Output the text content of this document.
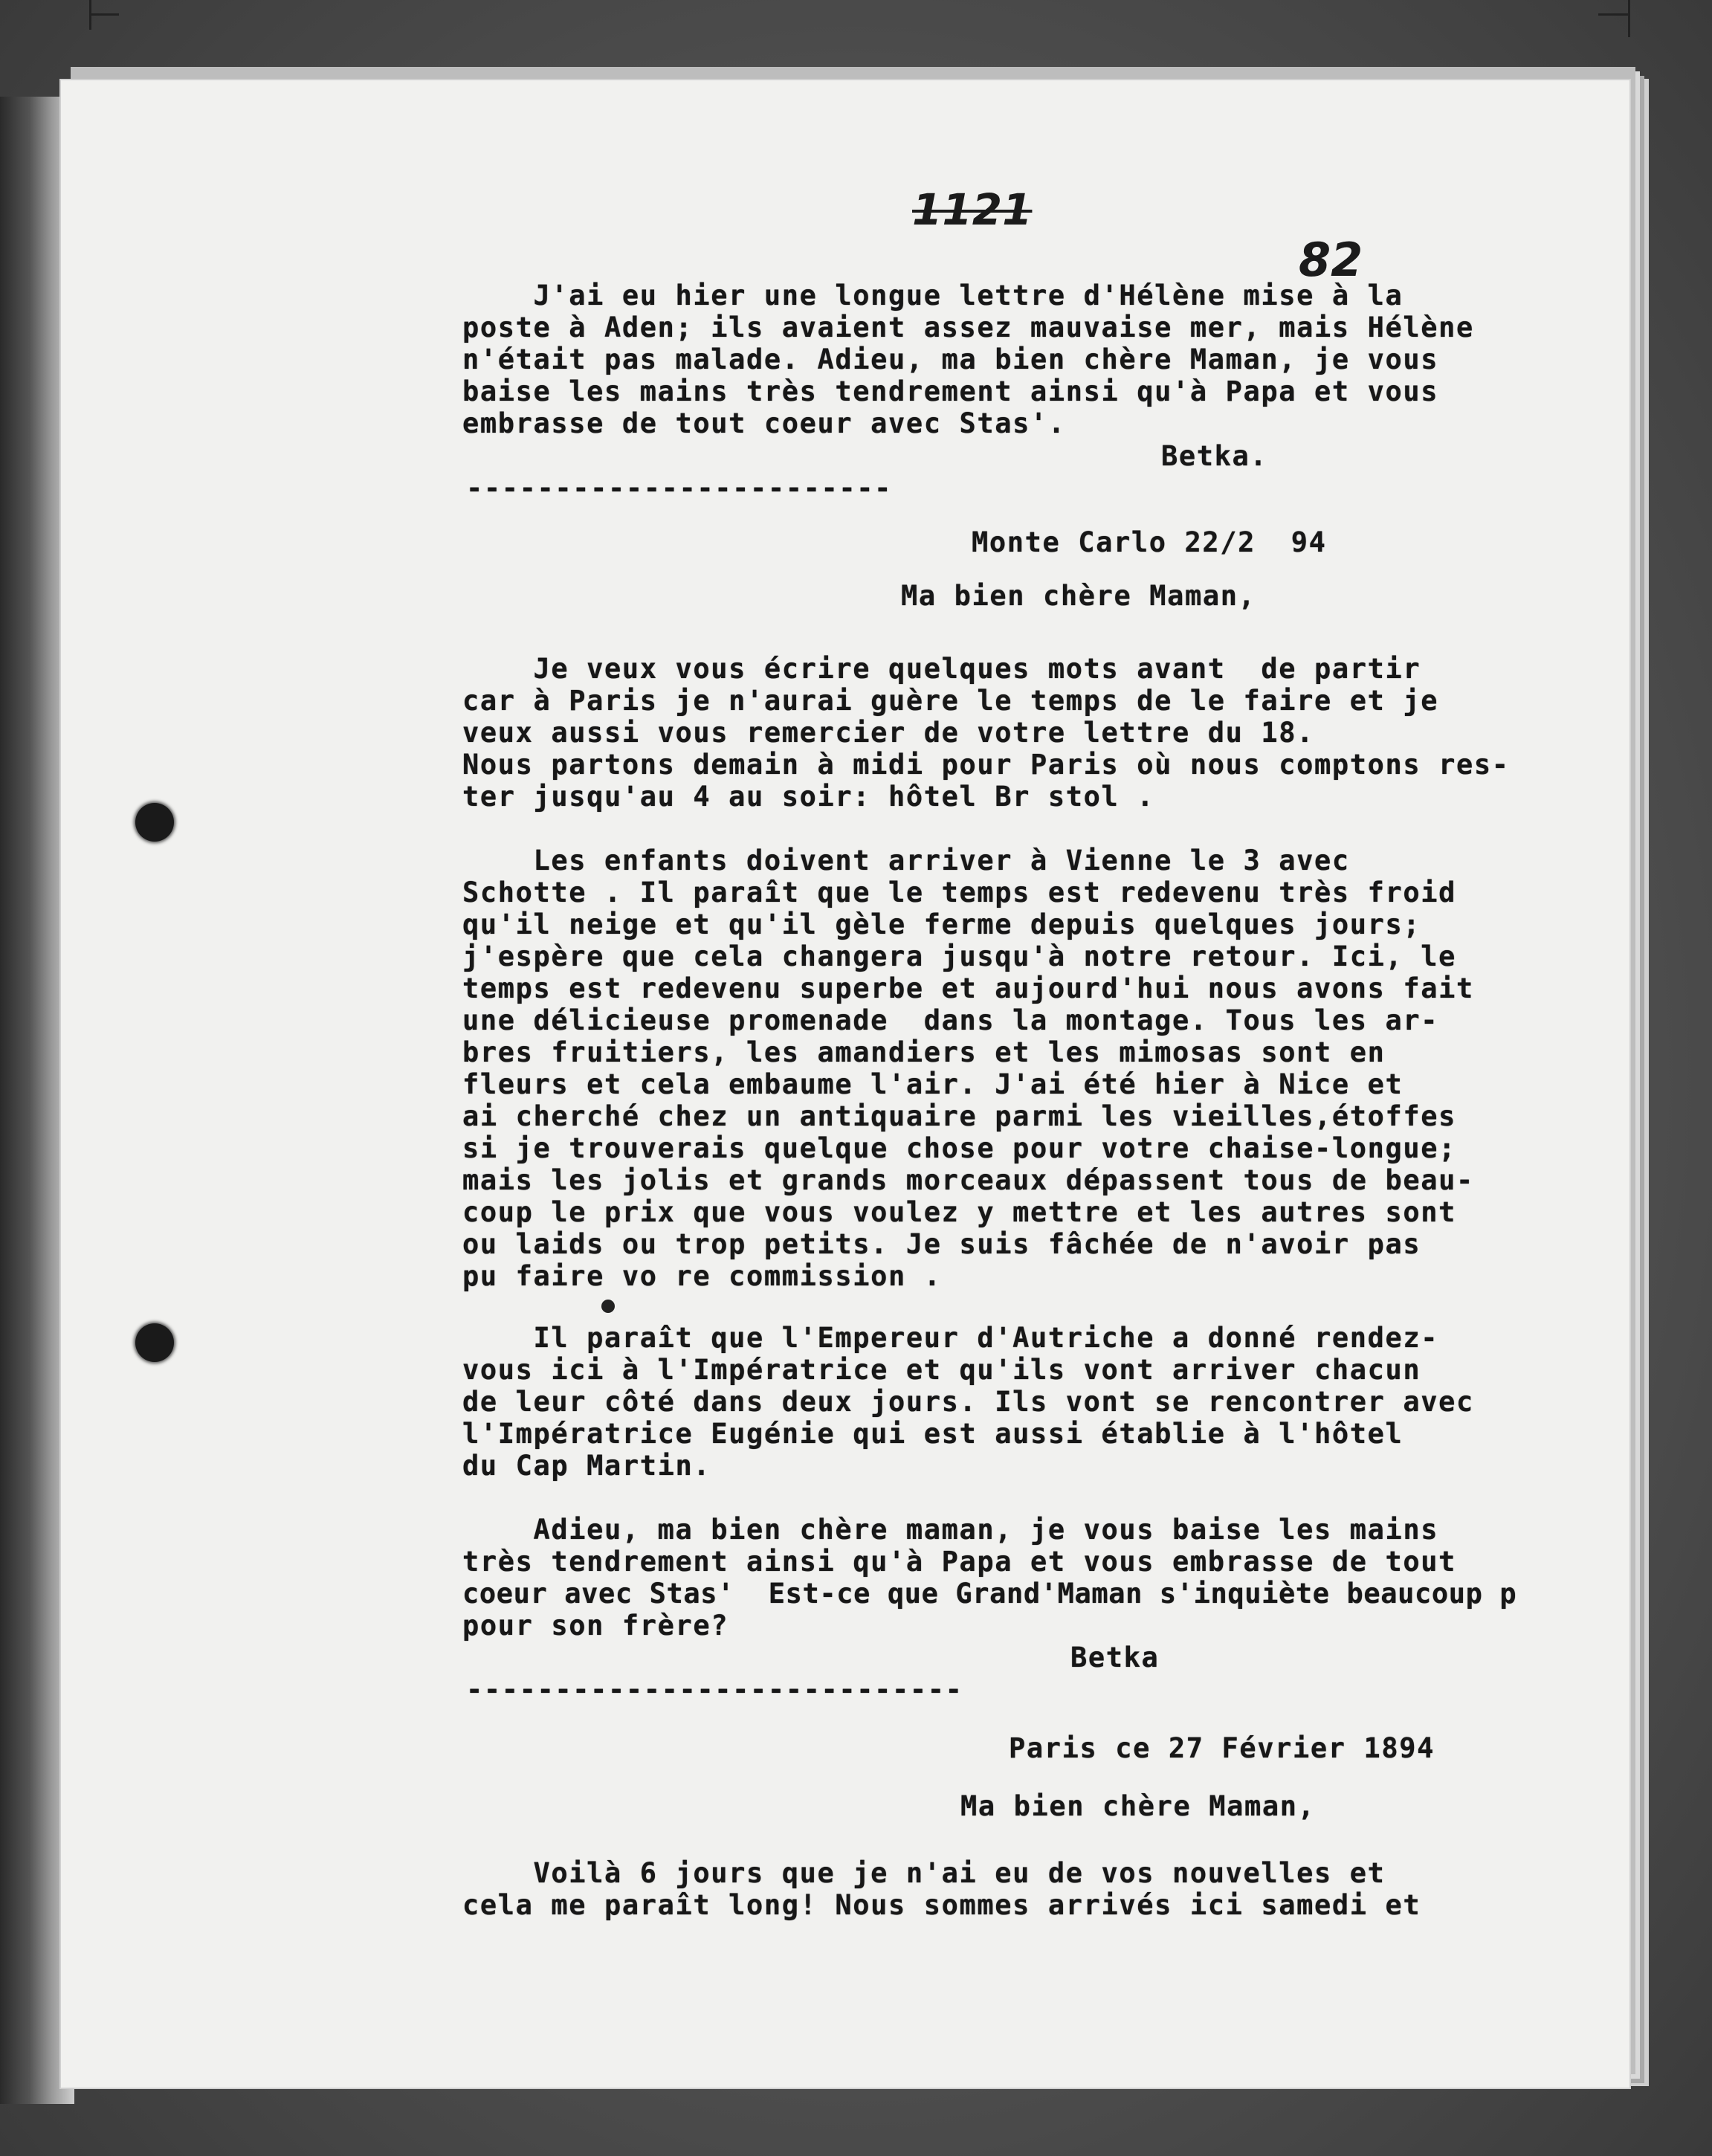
1121
82
J'ai eu hier une longue lettre d'Hélène mise à la
poste à Aden; ils avaient assez mauvaise mer, mais Hélène
n'était pas malade. Adieu, ma bien chère Maman, je vous
baise les mains très tendrement ainsi qu'à Papa et vous
embrasse de tout coeur avec Stas'.
Betka.
------------------------
Monte Carlo 22/2  94
Ma bien chère Maman,
Je veux vous écrire quelques mots avant  de partir
car à Paris je n'aurai guère le temps de le faire et je
veux aussi vous remercier de votre lettre du 18.
Nous partons demain à midi pour Paris où nous comptons res-
ter jusqu'au 4 au soir: hôtel Br stol .
Les enfants doivent arriver à Vienne le 3 avec
Schotte . Il paraît que le temps est redevenu très froid
qu'il neige et qu'il gèle ferme depuis quelques jours;
j'espère que cela changera jusqu'à notre retour. Ici, le
temps est redevenu superbe et aujourd'hui nous avons fait
une délicieuse promenade  dans la montage. Tous les ar-
bres fruitiers, les amandiers et les mimosas sont en
fleurs et cela embaume l'air. J'ai été hier à Nice et
ai cherché chez un antiquaire parmi les vieilles,étoffes
si je trouverais quelque chose pour votre chaise-longue;
mais les jolis et grands morceaux dépassent tous de beau-
coup le prix que vous voulez y mettre et les autres sont
ou laids ou trop petits. Je suis fâchée de n'avoir pas
pu faire vo re commission .
Il paraît que l'Empereur d'Autriche a donné rendez-
vous ici à l'Impératrice et qu'ils vont arriver chacun
de leur côté dans deux jours. Ils vont se rencontrer avec
l'Impératrice Eugénie qui est aussi établie à l'hôtel
du Cap Martin.
Adieu, ma bien chère maman, je vous baise les mains
très tendrement ainsi qu'à Papa et vous embrasse de tout
coeur avec Stas'  Est-ce que Grand'Maman s'inquiète beaucoup p
pour son frère?
Betka
----------------------------
Paris ce 27 Février 1894
Ma bien chère Maman,
Voilà 6 jours que je n'ai eu de vos nouvelles et
cela me paraît long! Nous sommes arrivés ici samedi et
